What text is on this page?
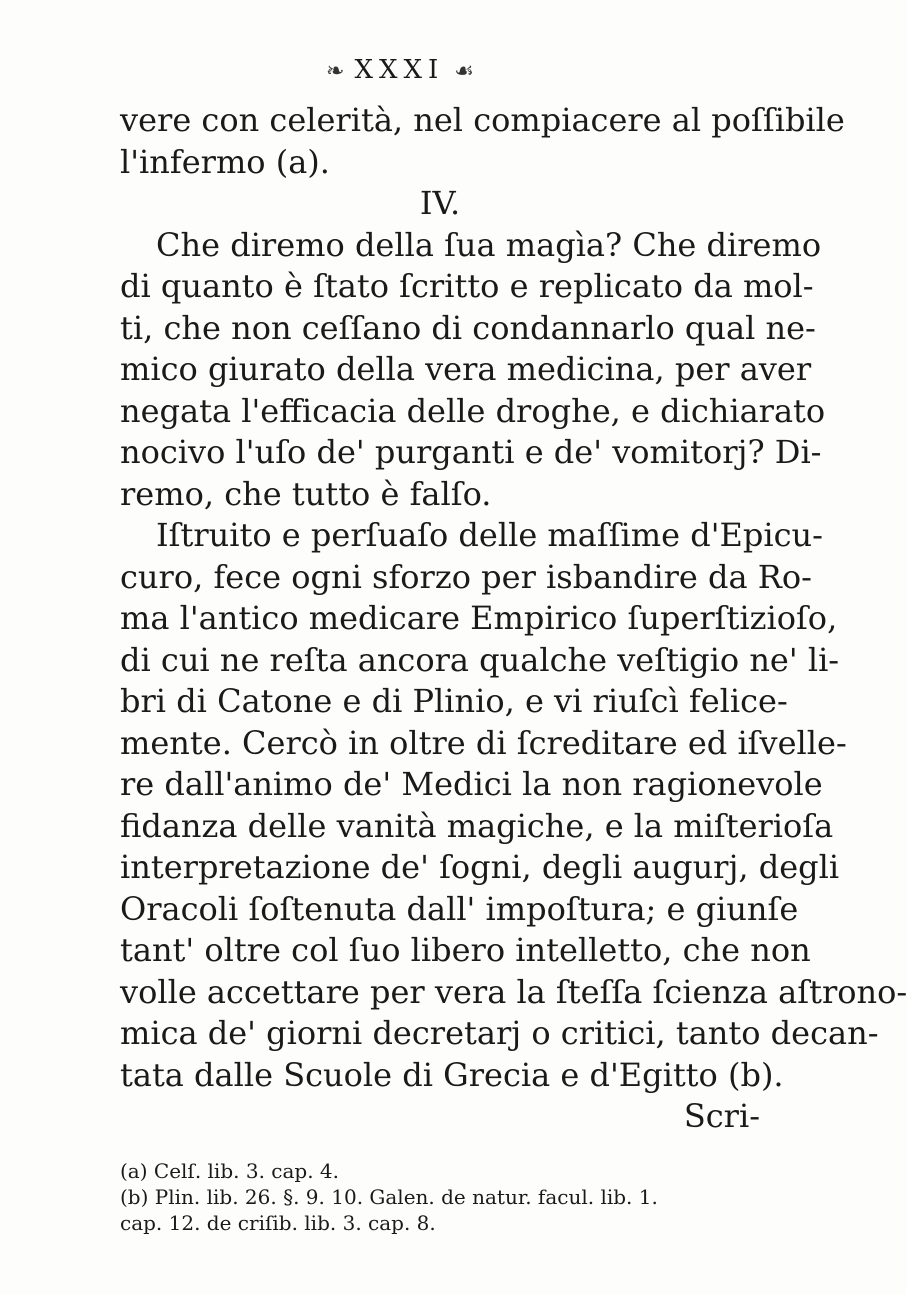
❧ XXXI ☙
vere con celerità, nel compiacere al poſſibile
l'infermo (a).
IV.
Che diremo della ſua magìa? Che diremo
di quanto è ſtato ſcritto e replicato da mol-
ti, che non ceſſano di condannarlo qual ne-
mico giurato della vera medicina, per aver
negata l'efficacia delle droghe, e dichiarato
nocivo l'uſo de' purganti e de' vomitorj? Di-
remo, che tutto è falſo.
Iſtruito e perſuaſo delle maſſime d'Epicu-
curo, fece ogni sforzo per isbandire da Ro-
ma l'antico medicare Empirico ſuperſtizioſo,
di cui ne reſta ancora qualche veſtigio ne' li-
bri di Catone e di Plinio, e vi riuſcì felice-
mente. Cercò in oltre di ſcreditare ed iſvelle-
re dall'animo de' Medici la non ragionevole
fidanza delle vanità magiche, e la miſterioſa
interpretazione de' ſogni, degli augurj, degli
Oracoli ſoſtenuta dall' impoſtura; e giunſe
tant' oltre col ſuo libero intelletto, che non
volle accettare per vera la ſteſſa ſcienza aſtrono-
mica de' giorni decretarj o critici, tanto decan-
tata dalle Scuole di Grecia e d'Egitto (b).
Scri-
(a) Celſ. lib. 3. cap. 4.
(b) Plin. lib. 26. §. 9. 10. Galen. de natur. facul. lib. 1.
cap. 12. de criſib. lib. 3. cap. 8.
